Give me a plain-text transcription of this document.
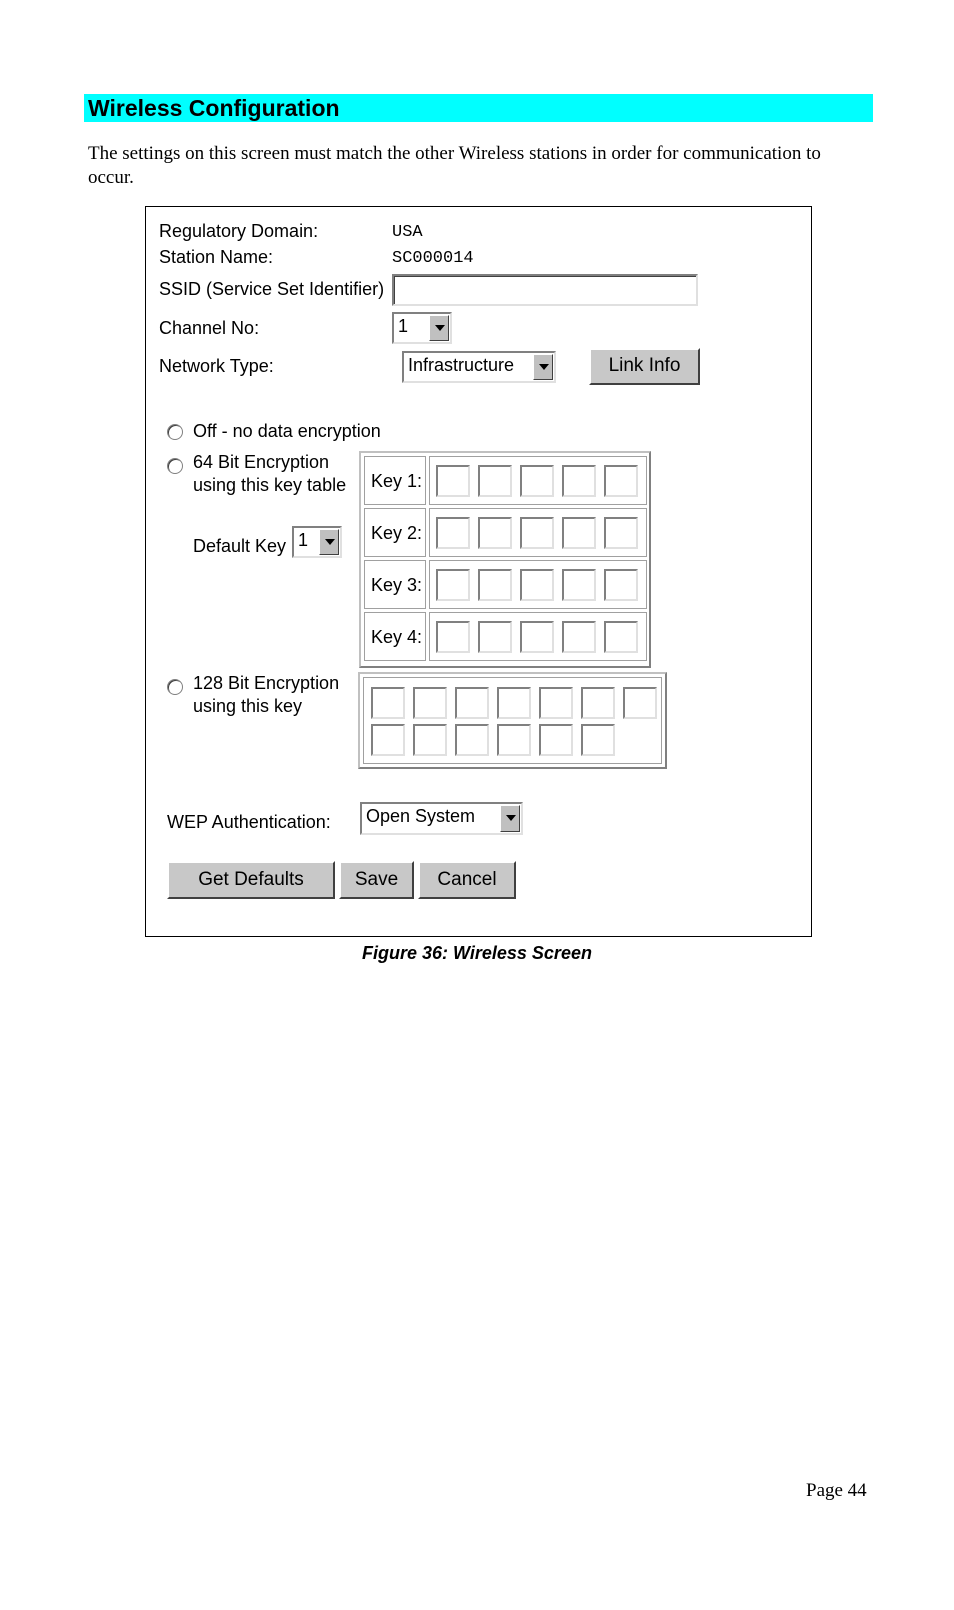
Wireless Configuration
The settings on this screen must match the other Wireless stations in order for communication to occur.
Regulatory Domain:	USA
Station Name:	SC000014
SSID (Service Set Identifier)
Channel No:	1
Network Type:	Infrastructure	Link Info
Off - no data encryption
64 Bit Encryption
using this key table
Default Key 1
Key 1:
Key 2:
Key 3:
Key 4:
128 Bit Encryption
using this key
WEP Authentication: Open System
Get Defaults	Save	Cancel
Figure 36: Wireless Screen
Page 44
